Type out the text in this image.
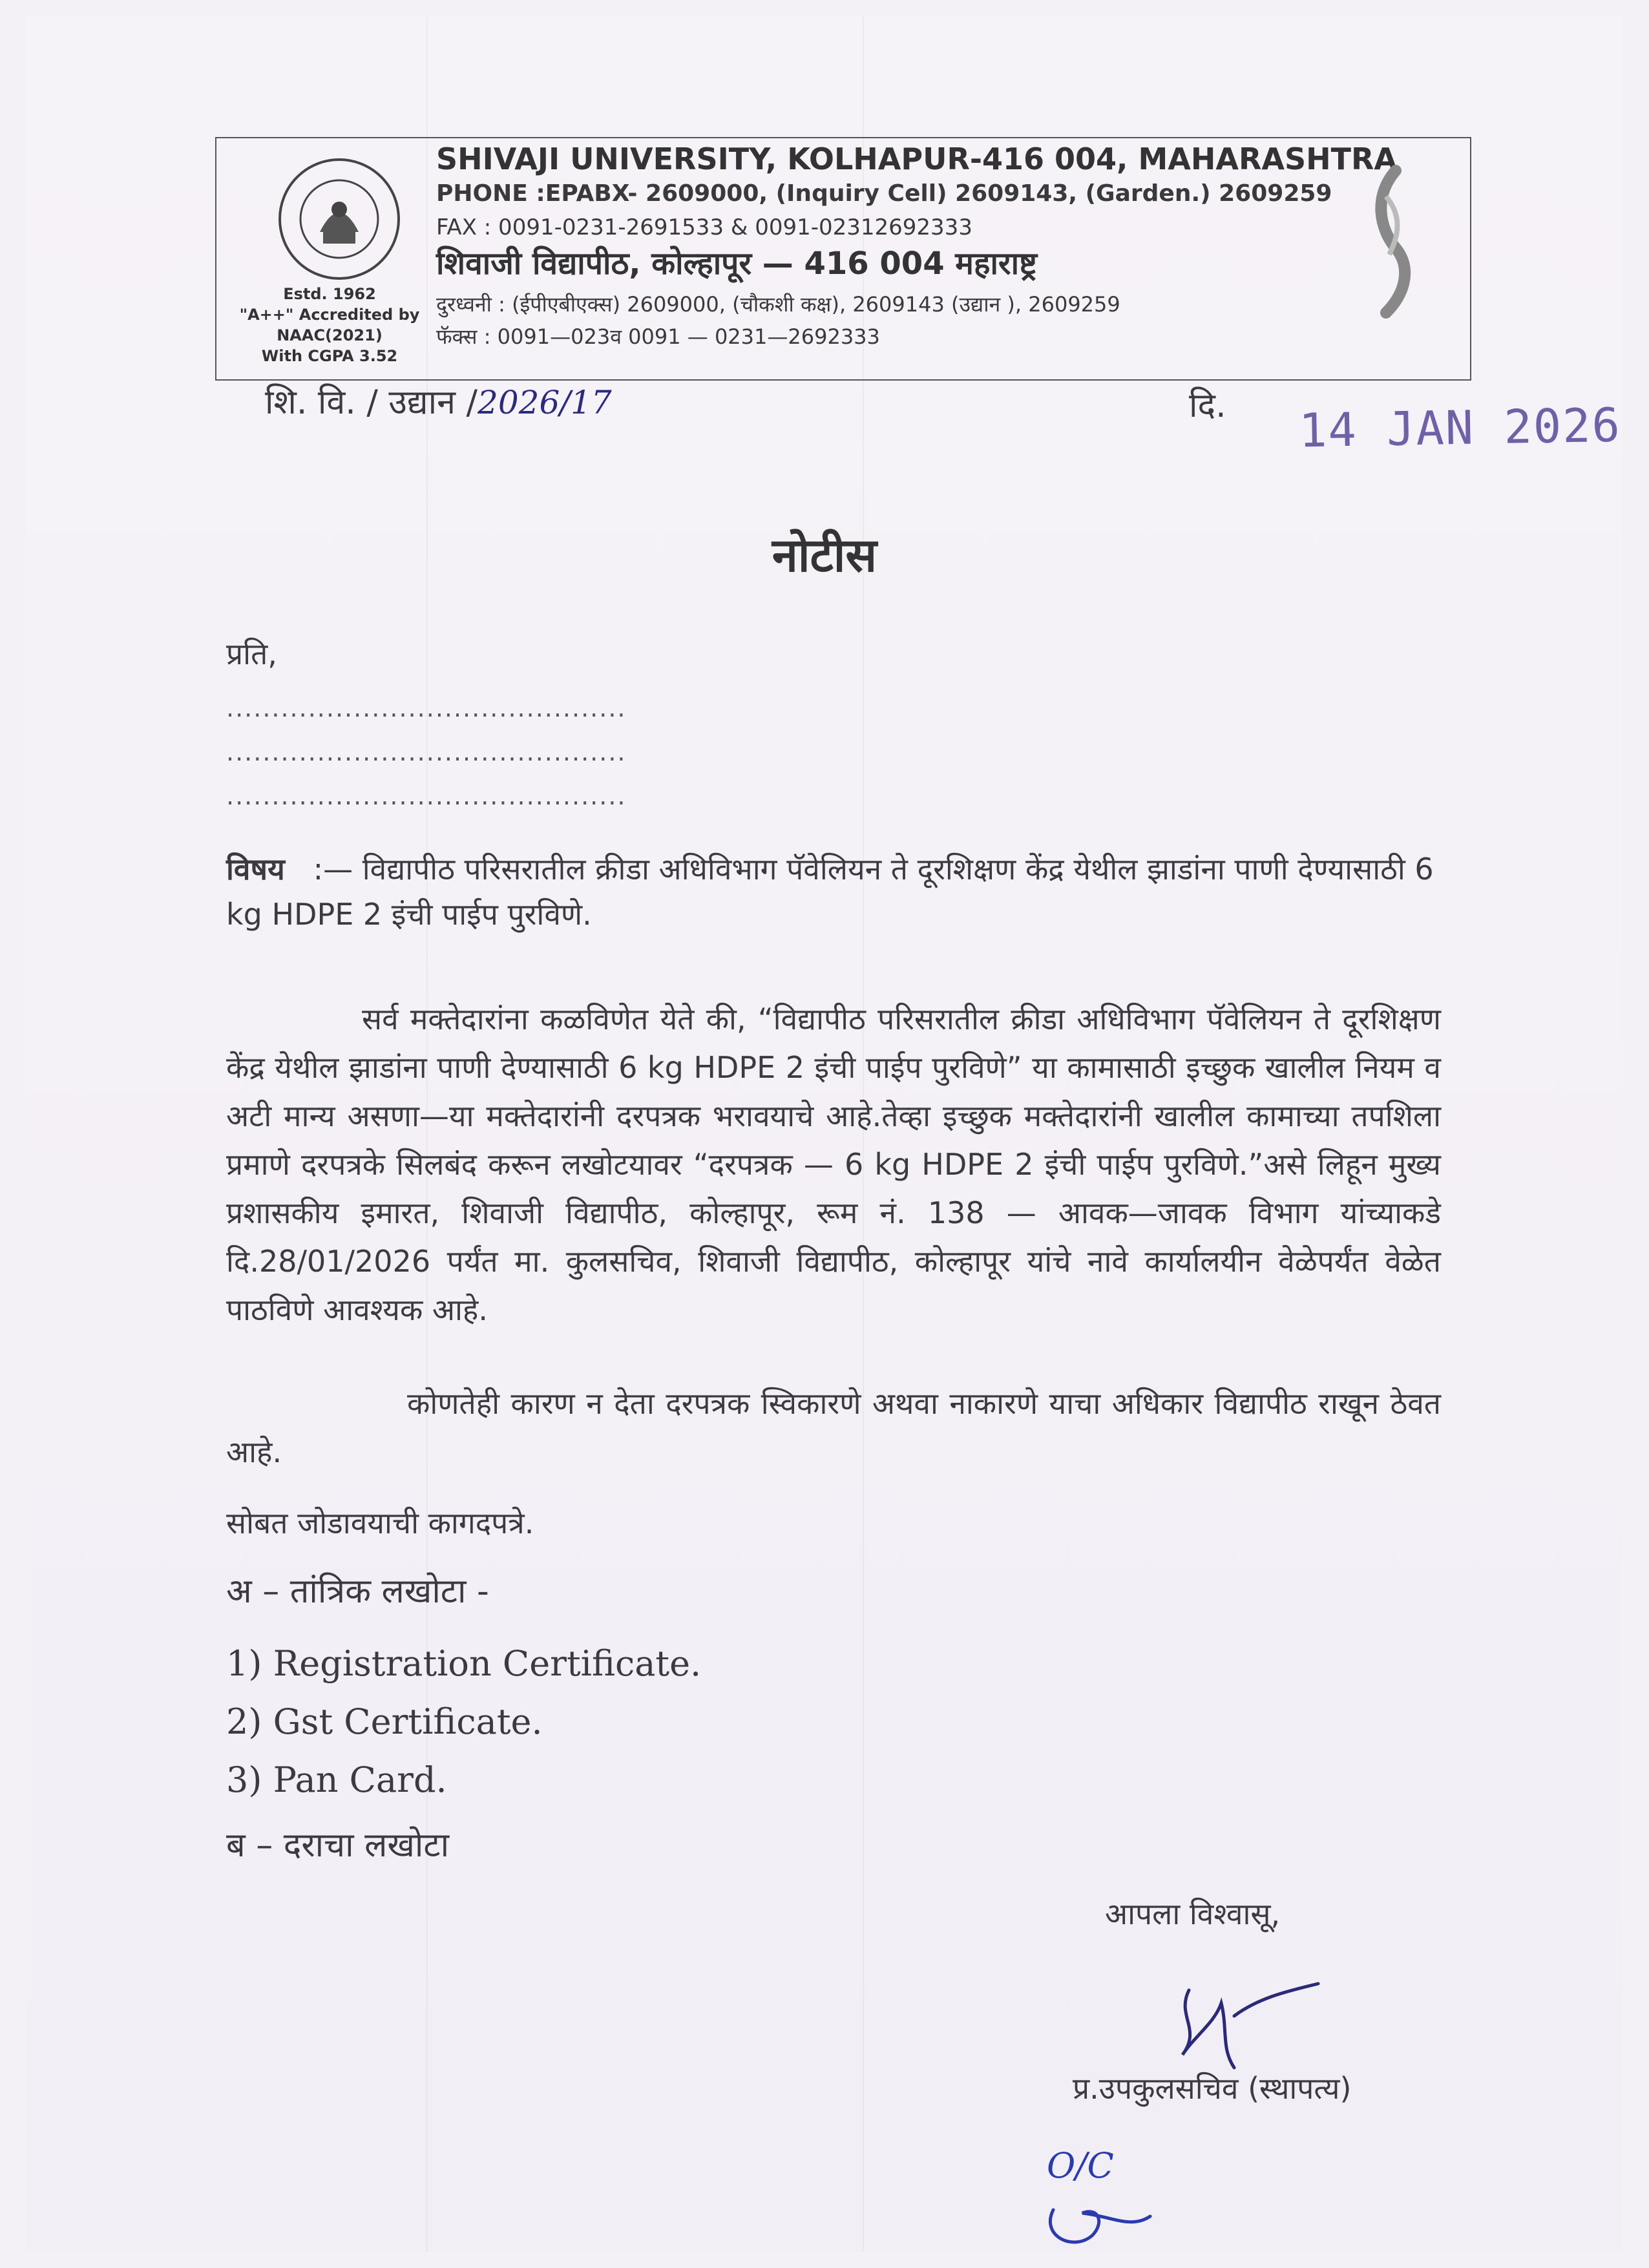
Estd. 1962
"A++" Accredited by
NAAC(2021)
With CGPA 3.52
SHIVAJI UNIVERSITY, KOLHAPUR-416 004, MAHARASHTRA
PHONE :EPABX- 2609000, (Inquiry Cell) 2609143, (Garden.) 2609259
FAX : 0091-0231-2691533 & 0091-02312692333
शिवाजी विद्यापीठ, कोल्हापूर — 416 004 महाराष्ट्र
दुरध्वनी : (ईपीएबीएक्स) 2609000, (चौकशी कक्ष), 2609143 (उद्यान ), 2609259
फॅक्स : 0091—023व 0091 — 0231—2692333
शि. वि. / उद्यान /2026/17	दि. 14 JAN 2026
नोटीस
प्रति,
............................................
............................................
............................................
विषय :— विद्यापीठ परिसरातील क्रीडा अधिविभाग पॅवेलियन ते दूरशिक्षण केंद्र येथील झाडांना पाणी देण्यासाठी 6 kg HDPE 2 इंची पाईप पुरविणे.
सर्व मक्तेदारांना कळविणेत येते की, “विद्यापीठ परिसरातील क्रीडा अधिविभाग पॅवेलियन ते दूरशिक्षण केंद्र येथील झाडांना पाणी देण्यासाठी 6 kg HDPE 2 इंची पाईप पुरविणे” या कामासाठी इच्छुक खालील नियम व अटी मान्य असणा—या मक्तेदारांनी दरपत्रक भरावयाचे आहे.तेव्हा इच्छुक मक्तेदारांनी खालील कामाच्या तपशिला प्रमाणे दरपत्रके सिलबंद करून लखोटयावर “दरपत्रक — 6 kg HDPE 2 इंची पाईप पुरविणे.”असे लिहून मुख्य प्रशासकीय इमारत, शिवाजी विद्यापीठ, कोल्हापूर, रूम नं. 138 — आवक—जावक विभाग यांच्याकडे दि.28/01/2026 पर्यंत मा. कुलसचिव, शिवाजी विद्यापीठ, कोल्हापूर यांचे नावे कार्यालयीन वेळेपर्यंत वेळेत पाठविणे आवश्यक आहे.
कोणतेही कारण न देता दरपत्रक स्विकारणे अथवा नाकारणे याचा अधिकार विद्यापीठ राखून ठेवत आहे.
सोबत जोडावयाची कागदपत्रे.
अ – तांत्रिक लखोटा -
1) Registration Certificate.
2) Gst Certificate.
3) Pan Card.
ब – दराचा लखोटा
आपला विश्वासू,
प्र.उपकुलसचिव (स्थापत्य)
O/C
